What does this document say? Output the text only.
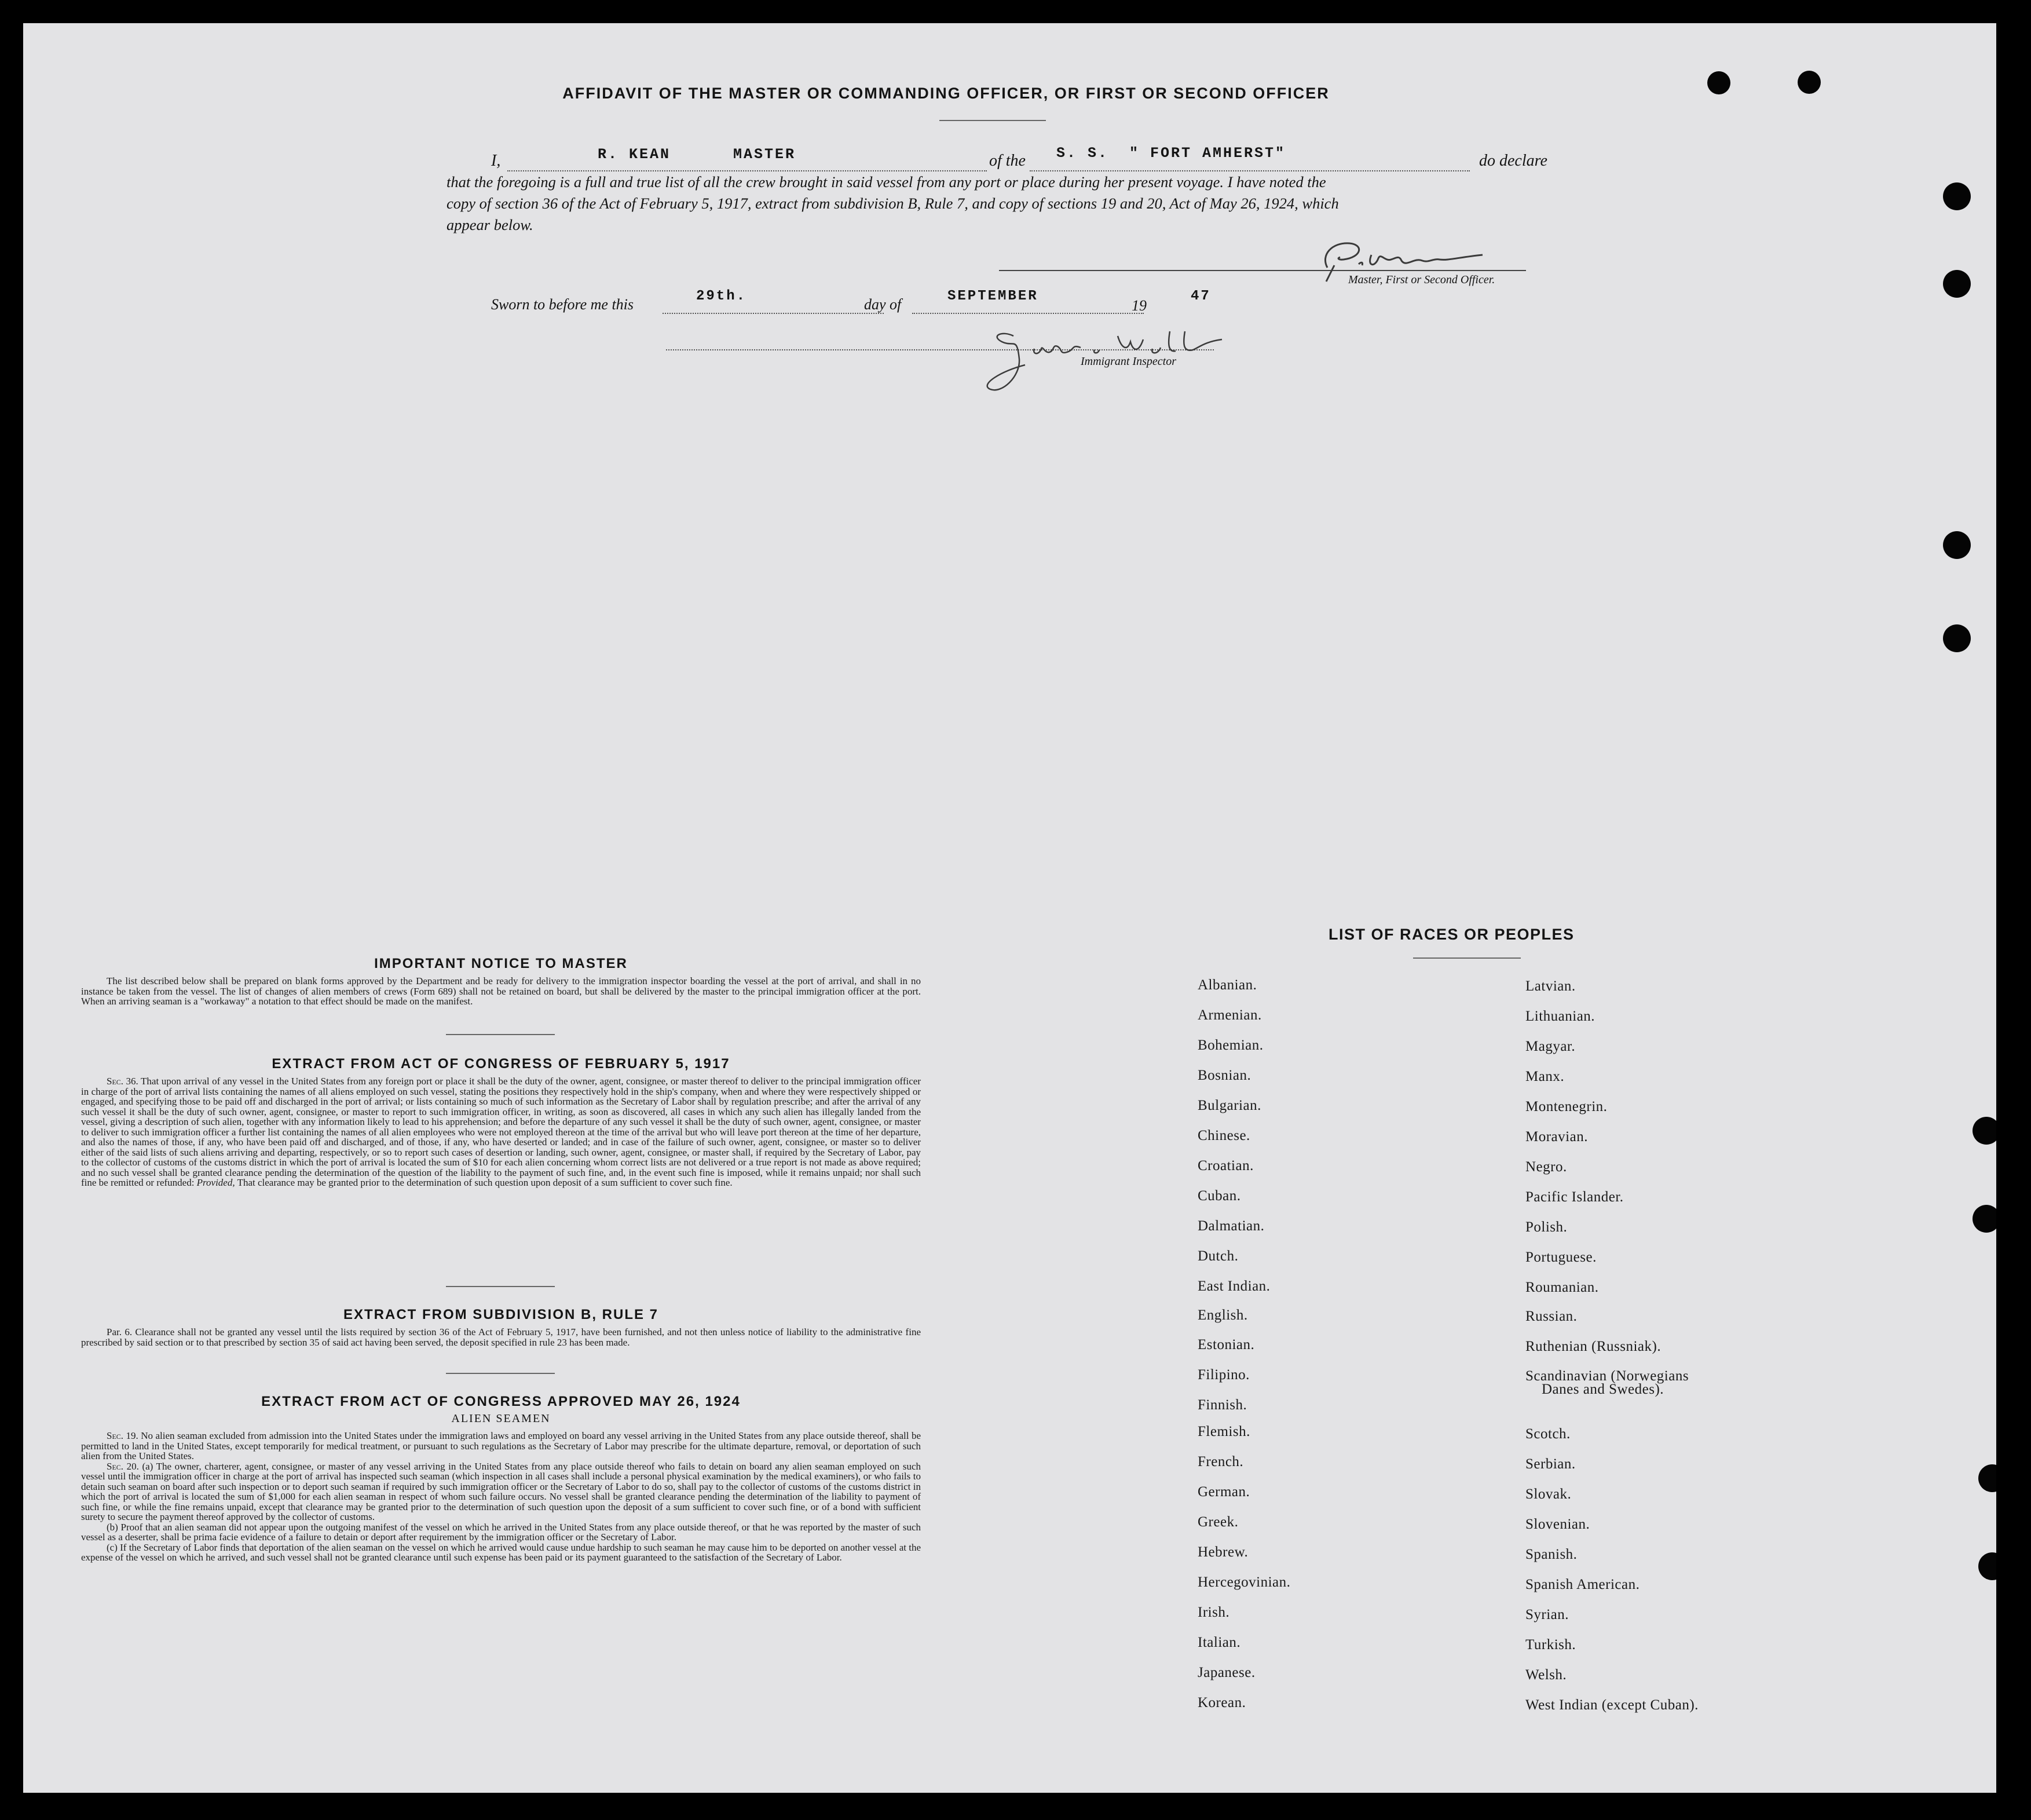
AFFIDAVIT OF THE MASTER OR COMMANDING OFFICER, OR FIRST OR SECOND OFFICER
I,	R. KEAN      MASTER	of the S. S.  " FORT AMHERST"	do declare
that the foregoing is a full and true list of all the crew brought in said vessel from any port or place during her present voyage. I have noted the
copy of section 36 of the Act of February 5, 1917, extract from subdivision B, Rule 7, and copy of sections 19 and 20, Act of May 26, 1924, which
appear below.
Master, First or Second Officer.
Sworn to before me this	29th.	day of	SEPTEMBER
19
47
Immigrant Inspector
IMPORTANT NOTICE TO MASTER

The list described below shall be prepared on blank forms approved by the Department and be ready for delivery to the immigration inspector boarding the vessel at the port of arrival, and shall in no instance be taken from the vessel. The list of changes of alien members of crews (Form 689) shall not be retained on board, but shall be delivered by the master to the principal immigration officer at the port. When an arriving seaman is a "workaway" a notation to that effect should be made on the manifest.

EXTRACT FROM ACT OF CONGRESS OF FEBRUARY 5, 1917

Sec. 36. That upon arrival of any vessel in the United States from any foreign port or place it shall be the duty of the owner, agent, consignee, or master thereof to deliver to the principal immigration officer in charge of the port of arrival lists containing the names of all aliens employed on such vessel, stating the positions they respectively hold in the ship's company, when and where they were respectively shipped or engaged, and specifying those to be paid off and discharged in the port of arrival; or lists containing so much of such information as the Secretary of Labor shall by regulation prescribe; and after the arrival of any such vessel it shall be the duty of such owner, agent, consignee, or master to report to such immigration officer, in writing, as soon as discovered, all cases in which any such alien has illegally landed from the vessel, giving a description of such alien, together with any information likely to lead to his apprehension; and before the departure of any such vessel it shall be the duty of such owner, agent, consignee, or master to deliver to such immigration officer a further list containing the names of all alien employees who were not employed thereon at the time of the arrival but who will leave port thereon at the time of her departure, and also the names of those, if any, who have been paid off and discharged, and of those, if any, who have deserted or landed; and in case of the failure of such owner, agent, consignee, or master so to deliver either of the said lists of such aliens arriving and departing, respectively, or so to report such cases of desertion or landing, such owner, agent, consignee, or master shall, if required by the Secretary of Labor, pay to the collector of customs of the customs district in which the port of arrival is located the sum of $10 for each alien concerning whom correct lists are not delivered or a true report is not made as above required; and no such vessel shall be granted clearance pending the determination of the question of the liability to the payment of such fine, and, in the event such fine is imposed, while it remains unpaid; nor shall such fine be remitted or refunded: Provided, That clearance may be granted prior to the determination of such question upon deposit of a sum sufficient to cover such fine.

EXTRACT FROM SUBDIVISION B, RULE 7

Par. 6. Clearance shall not be granted any vessel until the lists required by section 36 of the Act of February 5, 1917, have been furnished, and not then unless notice of liability to the administrative fine prescribed by said section or to that prescribed by section 35 of said act having been served, the deposit specified in rule 23 has been made.

EXTRACT FROM ACT OF CONGRESS APPROVED MAY 26, 1924
ALIEN SEAMEN

Sec. 19. No alien seaman excluded from admission into the United States under the immigration laws and employed on board any vessel arriving in the United States from any place outside thereof, shall be permitted to land in the United States, except temporarily for medical treatment, or pursuant to such regulations as the Secretary of Labor may prescribe for the ultimate departure, removal, or deportation of such alien from the United States.

Sec. 20. (a) The owner, charterer, agent, consignee, or master of any vessel arriving in the United States from any place outside thereof who fails to detain on board any alien seaman employed on such vessel until the immigration officer in charge at the port of arrival has inspected such seaman (which inspection in all cases shall include a personal physical examination by the medical examiners), or who fails to detain such seaman on board after such inspection or to deport such seaman if required by such immigration officer or the Secretary of Labor to do so, shall pay to the collector of customs of the customs district in which the port of arrival is located the sum of $1,000 for each alien seaman in respect of whom such failure occurs. No vessel shall be granted clearance pending the determination of the liability to payment of such fine, or while the fine remains unpaid, except that clearance may be granted prior to the determination of such question upon the deposit of a sum sufficient to cover such fine, or of a bond with sufficient surety to secure the payment thereof approved by the collector of customs.

(b) Proof that an alien seaman did not appear upon the outgoing manifest of the vessel on which he arrived in the United States from any place outside thereof, or that he was reported by the master of such vessel as a deserter, shall be prima facie evidence of a failure to detain or deport after requirement by the immigration officer or the Secretary of Labor.

(c) If the Secretary of Labor finds that deportation of the alien seaman on the vessel on which he arrived would cause undue hardship to such seaman he may cause him to be deported on another vessel at the expense of the vessel on which he arrived, and such vessel shall not be granted clearance until such expense has been paid or its payment guaranteed to the satisfaction of the Secretary of Labor.

LIST OF RACES OR PEOPLES
Albanian.
Armenian.
Bohemian.
Bosnian.
Bulgarian.
Chinese.
Croatian.
Cuban.
Dalmatian.
Dutch.
East Indian.
English.
Estonian.
Filipino.
Finnish.
Flemish.
French.
German.
Greek.
Hebrew.
Hercegovinian.
Irish.
Italian.
Japanese.
Korean.
Latvian.
Lithuanian.
Magyar.
Manx.
Montenegrin.
Moravian.
Negro.
Pacific Islander.
Polish.
Portuguese.
Roumanian.
Russian.
Ruthenian (Russniak).
Scandinavian (Norwegians
Danes and Swedes).
Scotch.
Serbian.
Slovak.
Slovenian.
Spanish.
Spanish American.
Syrian.
Turkish.
Welsh.
West Indian (except Cuban).
